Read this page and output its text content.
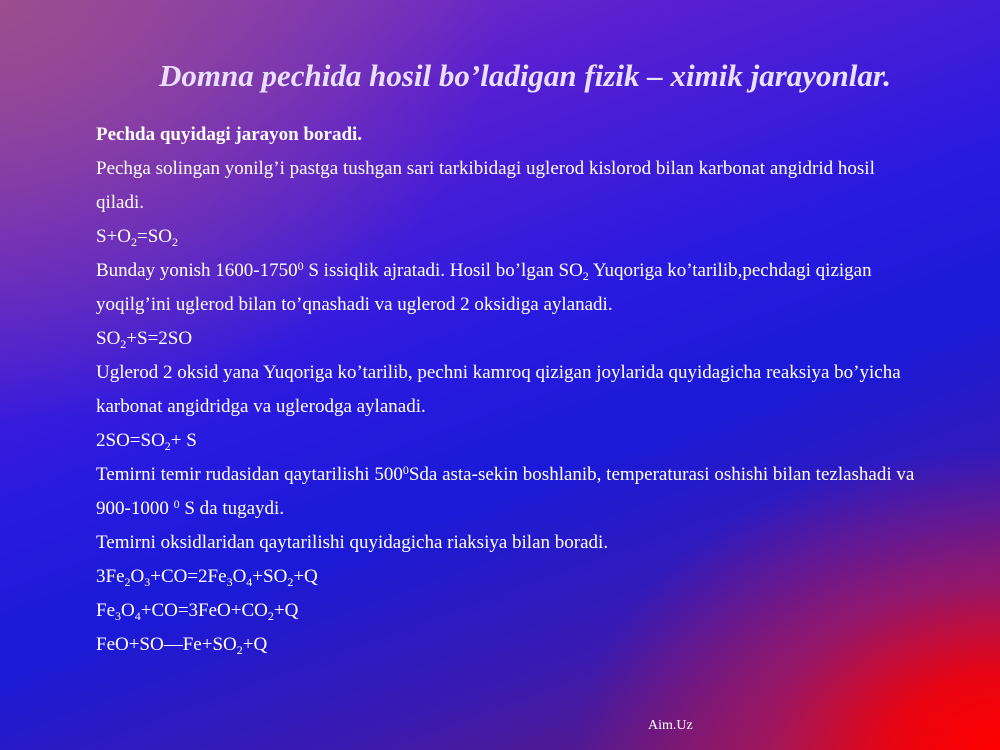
Domna pechida hosil bo’ladigan fizik – ximik jarayonlar.

Pechda quyidagi jarayon boradi.

Pechga solingan yonilg’i pastga tushgan sari tarkibidagi uglerod kislorod bilan karbonat angidrid hosil qiladi.

$S+O_2=SO_2$

Bunday yonish 1600-1750$^0$ S issiqlik ajratadi. Hosil bo’lgan $SO_2$ Yuqoriga ko’tarilib,pechdagi qizigan yoqilg’ini uglerod bilan to’qnashadi va uglerod 2 oksidiga aylanadi.

$SO_2+S=2SO$

Uglerod 2 oksid yana Yuqoriga ko’tarilib, pechni kamroq qizigan joylarida quyidagicha reaksiya bo’yicha karbonat angidridga va uglerodga aylanadi.

$2SO=SO_2+ S$

Temirni temir rudasidan qaytarilishi $500^0Sda$ asta-sekin boshlanib, temperaturasi oshishi bilan tezlashadi va 900-1000 $^0$ S da tugaydi.

Temirni oksidlaridan qaytarilishi quyidagicha riaksiya bilan boradi.

$3Fe_2O_3+CO=2Fe_3O_4+SO_2+Q$

$Fe_3O_4+CO=3FeO+CO_2+Q$

$FeO+SO—Fe+SO_2+Q$

Aim.Uz
